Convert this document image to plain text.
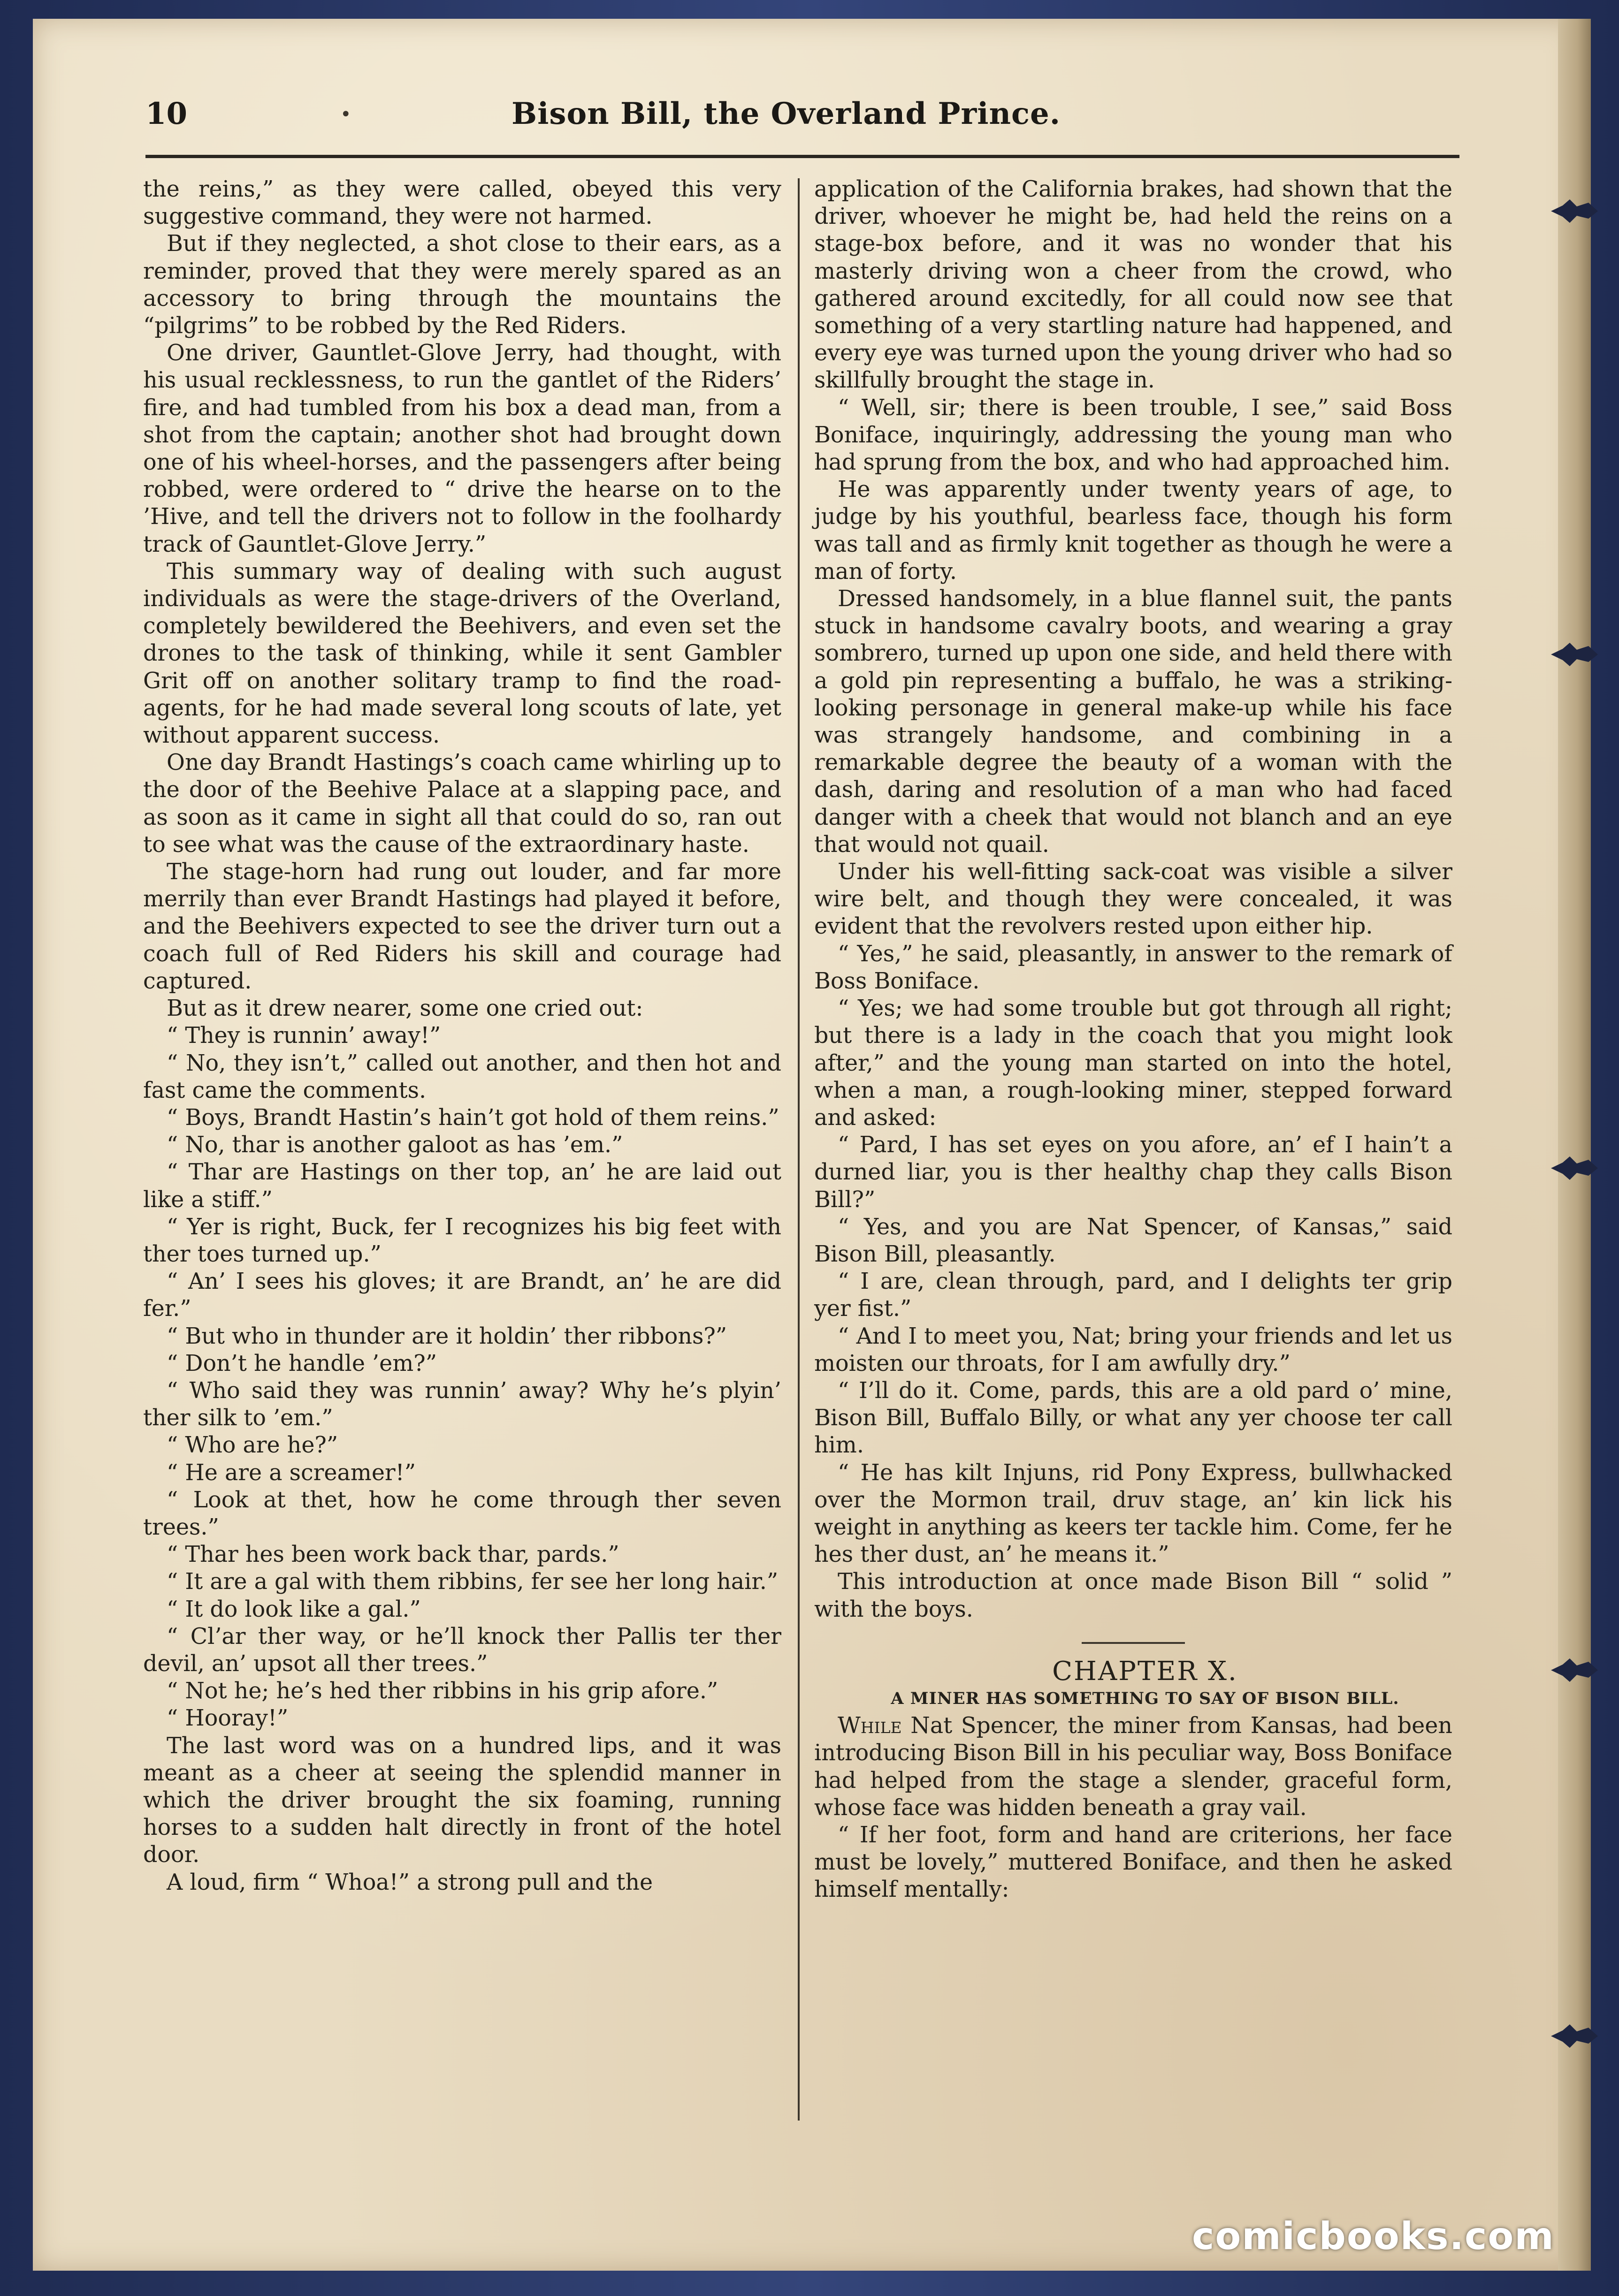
10	•	Bison Bill, the Overland Prince.

the reins,” as they were called, obeyed this very suggestive command, they were not harmed.

But if they neglected, a shot close to their ears, as a reminder, proved that they were merely spared as an accessory to bring through the mountains the “pilgrims” to be robbed by the Red Riders.

One driver, Gauntlet-Glove Jerry, had thought, with his usual recklessness, to run the gantlet of the Riders’ fire, and had tumbled from his box a dead man, from a shot from the captain; another shot had brought down one of his wheel-horses, and the passengers after being robbed, were ordered to “ drive the hearse on to the ’Hive, and tell the drivers not to follow in the foolhardy track of Gauntlet-Glove Jerry.”

This summary way of dealing with such august individuals as were the stage-drivers of the Overland, completely bewildered the Beehivers, and even set the drones to the task of thinking, while it sent Gambler Grit off on another solitary tramp to find the road-agents, for he had made several long scouts of late, yet without apparent success.

One day Brandt Hastings’s coach came whirling up to the door of the Beehive Palace at a slapping pace, and as soon as it came in sight all that could do so, ran out to see what was the cause of the extraordinary haste.

The stage-horn had rung out louder, and far more merrily than ever Brandt Hastings had played it before, and the Beehivers expected to see the driver turn out a coach full of Red Riders his skill and courage had captured.

But as it drew nearer, some one cried out:

“ They is runnin’ away!”

“ No, they isn’t,” called out another, and then hot and fast came the comments.

“ Boys, Brandt Hastin’s hain’t got hold of them reins.”

“ No, thar is another galoot as has ’em.”

“ Thar are Hastings on ther top, an’ he are laid out like a stiff.”

“ Yer is right, Buck, fer I recognizes his big feet with ther toes turned up.”

“ An’ I sees his gloves; it are Brandt, an’ he are did fer.”

“ But who in thunder are it holdin’ ther ribbons?”

“ Don’t he handle ’em?”

“ Who said they was runnin’ away? Why he’s plyin’ ther silk to ’em.”

“ Who are he?”

“ He are a screamer!”

“ Look at thet, how he come through ther seven trees.”

“ Thar hes been work back thar, pards.”

“ It are a gal with them ribbins, fer see her long hair.”

“ It do look like a gal.”

“ Cl’ar ther way, or he’ll knock ther Pallis ter ther devil, an’ upsot all ther trees.”

“ Not he; he’s hed ther ribbins in his grip afore.”

“ Hooray!”

The last word was on a hundred lips, and it was meant as a cheer at seeing the splendid manner in which the driver brought the six foaming, running horses to a sudden halt directly in front of the hotel door.

A loud, firm “ Whoa!” a strong pull and the

application of the California brakes, had shown that the driver, whoever he might be, had held the reins on a stage-box before, and it was no wonder that his masterly driving won a cheer from the crowd, who gathered around excitedly, for all could now see that something of a very startling nature had happened, and every eye was turned upon the young driver who had so skillfully brought the stage in.

“ Well, sir; there is been trouble, I see,” said Boss Boniface, inquiringly, addressing the young man who had sprung from the box, and who had approached him.

He was apparently under twenty years of age, to judge by his youthful, bearless face, though his form was tall and as firmly knit together as though he were a man of forty.

Dressed handsomely, in a blue flannel suit, the pants stuck in handsome cavalry boots, and wearing a gray sombrero, turned up upon one side, and held there with a gold pin representing a buffalo, he was a striking-looking personage in general make-up while his face was strangely handsome, and combining in a remarkable degree the beauty of a woman with the dash, daring and resolution of a man who had faced danger with a cheek that would not blanch and an eye that would not quail.

Under his well-fitting sack-coat was visible a silver wire belt, and though they were concealed, it was evident that the revolvers rested upon either hip.

“ Yes,” he said, pleasantly, in answer to the remark of Boss Boniface.

“ Yes; we had some trouble but got through all right; but there is a lady in the coach that you might look after,” and the young man started on into the hotel, when a man, a rough-looking miner, stepped forward and asked:

“ Pard, I has set eyes on you afore, an’ ef I hain’t a durned liar, you is ther healthy chap they calls Bison Bill?”

“ Yes, and you are Nat Spencer, of Kansas,” said Bison Bill, pleasantly.

“ I are, clean through, pard, and I delights ter grip yer fist.”

“ And I to meet you, Nat; bring your friends and let us moisten our throats, for I am awfully dry.”

“ I’ll do it. Come, pards, this are a old pard o’ mine, Bison Bill, Buffalo Billy, or what any yer choose ter call him.

“ He has kilt Injuns, rid Pony Express, bullwhacked over the Mormon trail, druv stage, an’ kin lick his weight in anything as keers ter tackle him. Come, fer he hes ther dust, an’ he means it.”

This introduction at once made Bison Bill “ solid ” with the boys.

CHAPTER X.

A MINER HAS SOMETHING TO SAY OF BISON BILL.

While Nat Spencer, the miner from Kansas, had been introducing Bison Bill in his peculiar way, Boss Boniface had helped from the stage a slender, graceful form, whose face was hidden beneath a gray vail.

“ If her foot, form and hand are criterions, her face must be lovely,” muttered Boniface, and then he asked himself mentally:

comicbooks.com
